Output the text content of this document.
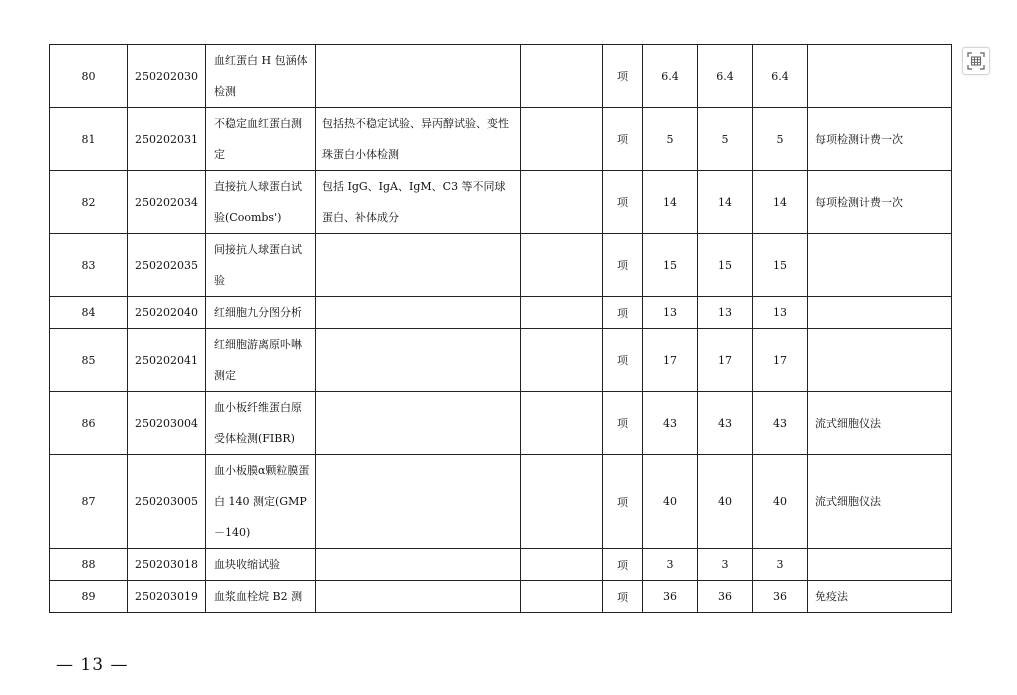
80	250202030	血红蛋白 H 包涵体检测			项	6.4	6.4	6.4	
81	250202031	不稳定血红蛋白测定	包括热不稳定试验、异丙醇试验、变性珠蛋白小体检测		项	5	5	5	每项检测计费一次
82	250202034	直接抗人球蛋白试验(Coombs')	包括 IgG、IgA、IgM、C3 等不同球蛋白、补体成分		项	14	14	14	每项检测计费一次
83	250202035	间接抗人球蛋白试验			项	15	15	15	
84	250202040	红细胞九分图分析			项	13	13	13	
85	250202041	红细胞游离原卟啉测定			项	17	17	17	
86	250203004	血小板纤维蛋白原受体检测(FIBR)			项	43	43	43	流式细胞仪法
87	250203005	血小板膜α颗粒膜蛋白 140 测定(GMP－140)			项	40	40	40	流式细胞仪法
88	250203018	血块收缩试验			项	3	3	3	
89	250203019	血浆血栓烷 B2 测			项	36	36	36	免疫法
— 13 —
